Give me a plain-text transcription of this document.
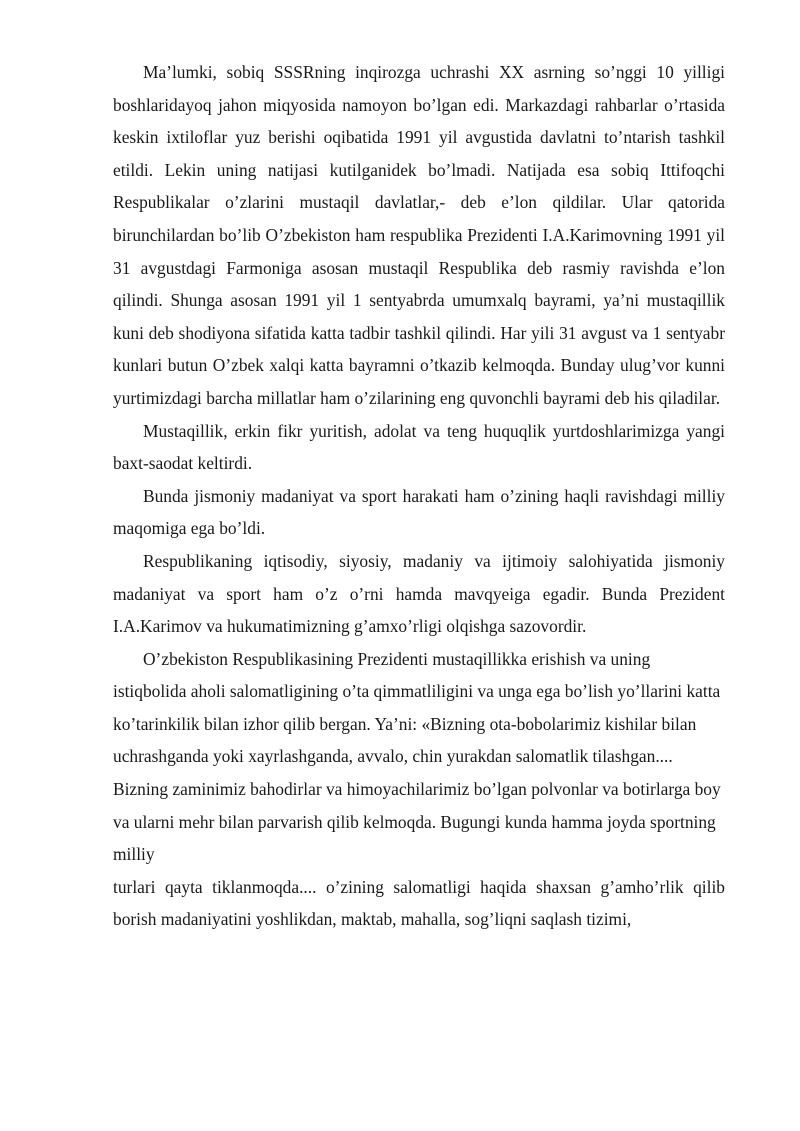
Ma’lumki, sobiq SSSRning inqirozga uchrashi XX asrning so’nggi 10 yilligi boshlaridayoq jahon miqyosida namoyon bo’lgan edi. Markazdagi rahbarlar o’rtasida keskin ixtiloflar yuz berishi oqibatida 1991 yil avgustida davlatni to’ntarish tashkil etildi. Lekin uning natijasi kutilganidek bo’lmadi. Natijada esa sobiq Ittifoqchi Respublikalar o’zlarini mustaqil davlatlar,- deb e’lon qildilar. Ular qatorida birunchilardan bo’lib O’zbekiston ham respublika Prezidenti I.A.Karimovning 1991 yil 31 avgustdagi Farmoniga asosan mustaqil Respublika deb rasmiy ravishda e’lon qilindi. Shunga asosan 1991 yil 1 sentyabrda umumxalq bayrami, ya’ni mustaqillik kuni deb shodiyona sifatida katta tadbir tashkil qilindi. Har yili 31 avgust va 1 sentyabr kunlari butun O’zbek xalqi katta bayramni o’tkazib kelmoqda. Bunday ulug’vor kunni yurtimizdagi barcha millatlar ham o’zilarining eng quvonchli bayrami deb his qiladilar.

Mustaqillik, erkin fikr yuritish, adolat va teng huquqlik yurtdoshlarimizga yangi baxt-saodat keltirdi.

Bunda jismoniy madaniyat va sport harakati ham o’zining haqli ravishdagi milliy maqomiga ega bo’ldi.

Respublikaning iqtisodiy, siyosiy, madaniy va ijtimoiy salohiyatida jismoniy madaniyat va sport ham o’z o’rni hamda mavqyeiga egadir. Bunda Prezident I.A.Karimov va hukumatimizning g’amxo’rligi olqishga sazovordir.

O’zbekiston Respublikasining Prezidenti mustaqillikka erishish va uning istiqbolida aholi salomatligining o’ta qimmatliligini va unga ega bo’lish yo’llarini katta ko’tarinkilik bilan izhor qilib bergan. Ya’ni: «Bizning ota-bobolarimiz kishilar bilan uchrashganda yoki xayrlashganda, avvalo, chin yurakdan salomatlik tilashgan.... Bizning zaminimiz bahodirlar va himoyachilarimiz bo’lgan polvonlar va botirlarga boy va ularni mehr bilan parvarish qilib kelmoqda. Bugungi kunda hamma joyda sportning milliy

turlari qayta tiklanmoqda.... o’zining salomatligi haqida shaxsan g’amho’rlik qilib borish madaniyatini yoshlikdan, maktab, mahalla, sog’liqni saqlash tizimi,
